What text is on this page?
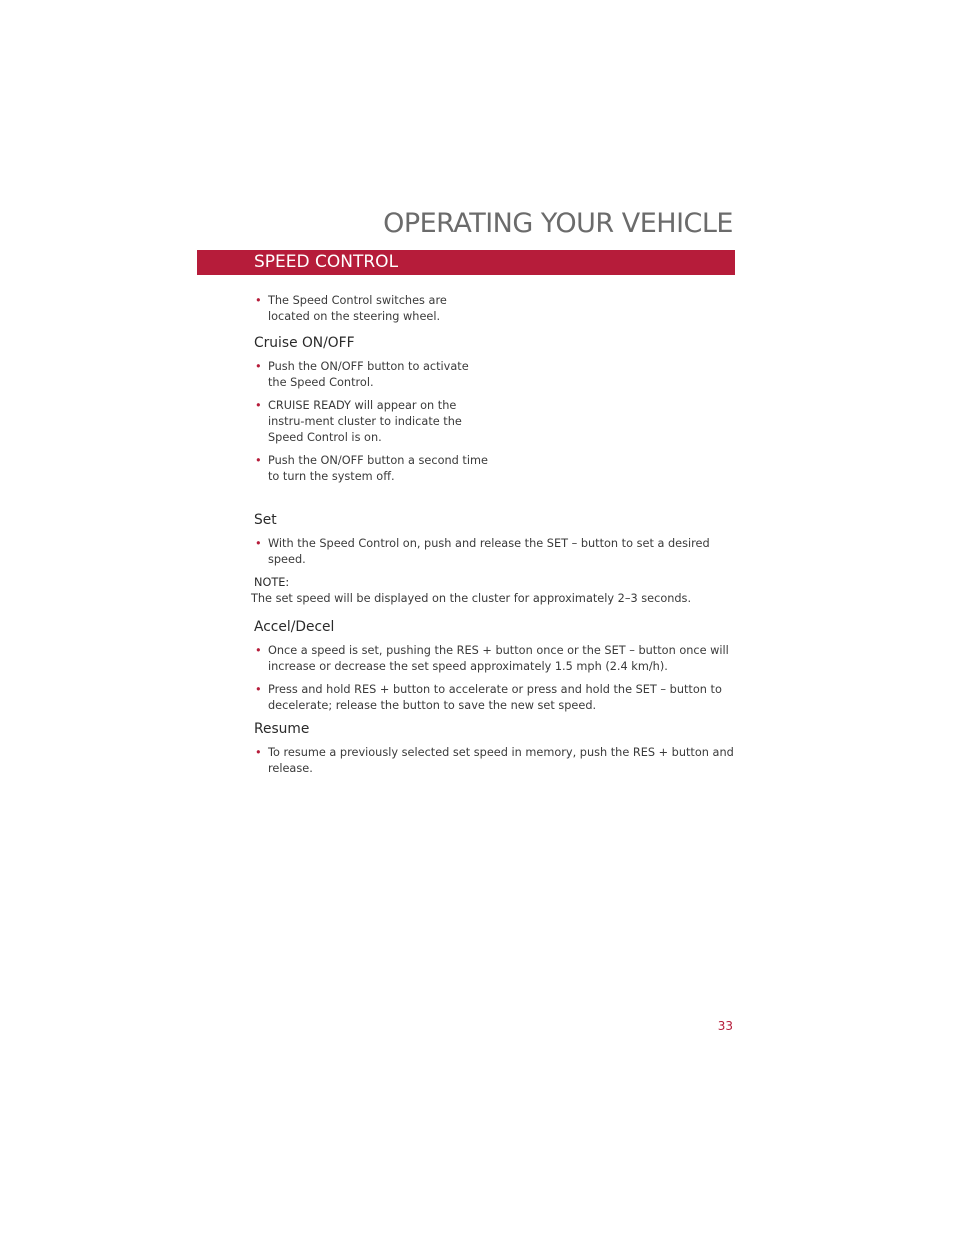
OPERATING YOUR VEHICLE
SPEED CONTROL
• The Speed Control switches are located on the steering wheel.
Cruise ON/OFF
• Push the ON/OFF button to activate the Speed Control.
• CRUISE READY will appear on the instru-ment cluster to indicate the Speed Control is on.
• Push the ON/OFF button a second time to turn the system off.
Set
• With the Speed Control on, push and release the SET – button to set a desired speed.
NOTE:
The set speed will be displayed on the cluster for approximately 2–3 seconds.
Accel/Decel
• Once a speed is set, pushing the RES + button once or the SET – button once will increase or decrease the set speed approximately 1.5 mph (2.4 km/h).
• Press and hold RES + button to accelerate or press and hold the SET – button to decelerate; release the button to save the new set speed.
Resume
• To resume a previously selected set speed in memory, push the RES + button and release.
33
